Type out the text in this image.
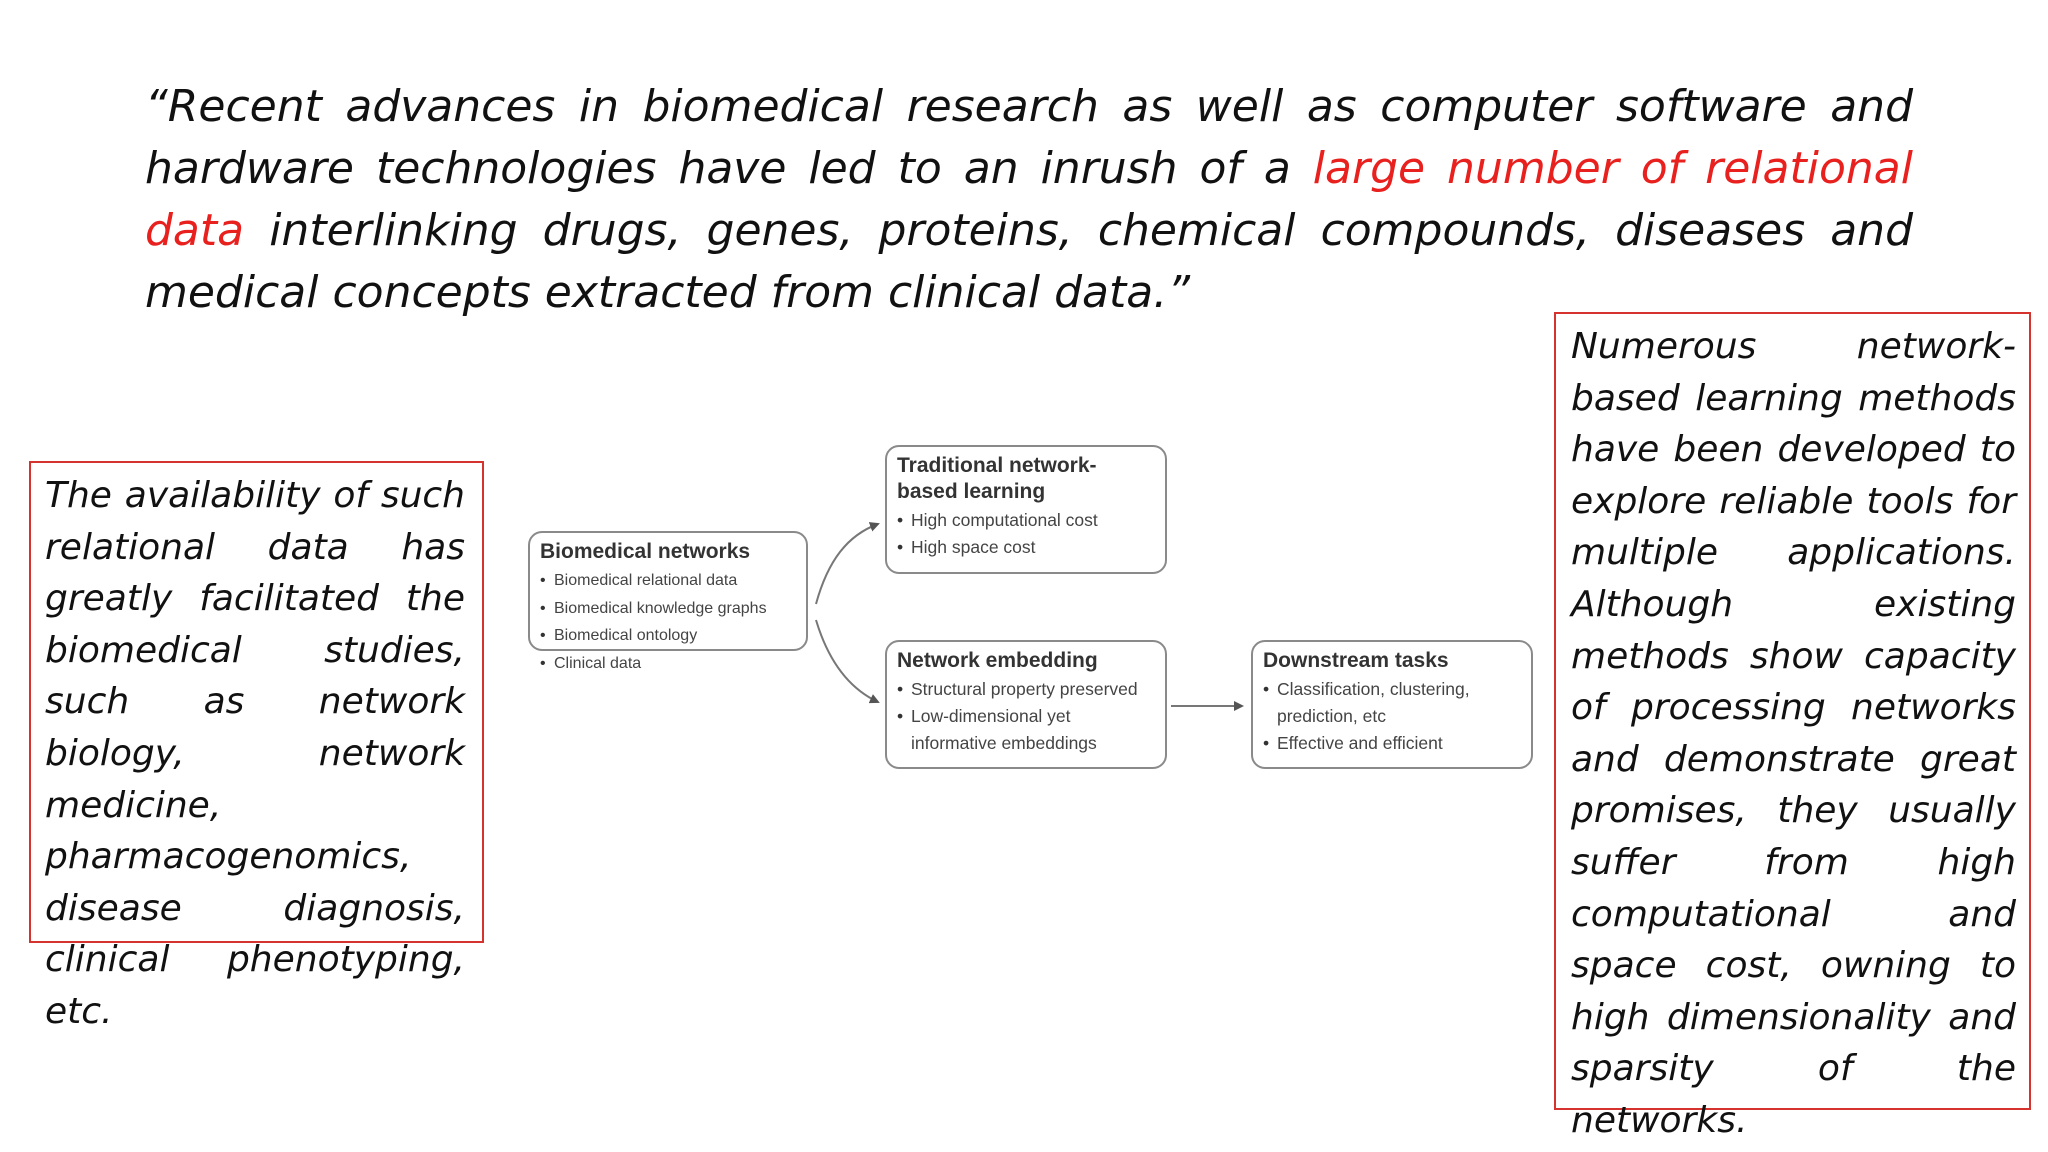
“Recent advances in biomedical research as well as computer software and hardware technologies have led to an inrush of a large number of relational data interlinking drugs, genes, proteins, chemical compounds, diseases and medical concepts extracted from clinical data.”

The availability of such relational data has greatly facilitated the biomedical studies, such as network biology, network medicine, pharmacogenomics, disease diagnosis, clinical phenotyping, etc.

Numerous network-based learning methods have been developed to explore reliable tools for multiple applications. Although existing methods show capacity of processing networks and demonstrate great promises, they usually suffer from high computational and space cost, owning to high dimensionality and sparsity of the networks.

Biomedical networks
• Biomedical relational data
• Biomedical knowledge graphs
• Biomedical ontology
• Clinical data
Traditional network-based learning
• High computational cost
• High space cost
Network embedding
• Structural property preserved
• Low-dimensional yet informative embeddings
Downstream tasks
• Classification, clustering, prediction, etc
• Effective and efficient
